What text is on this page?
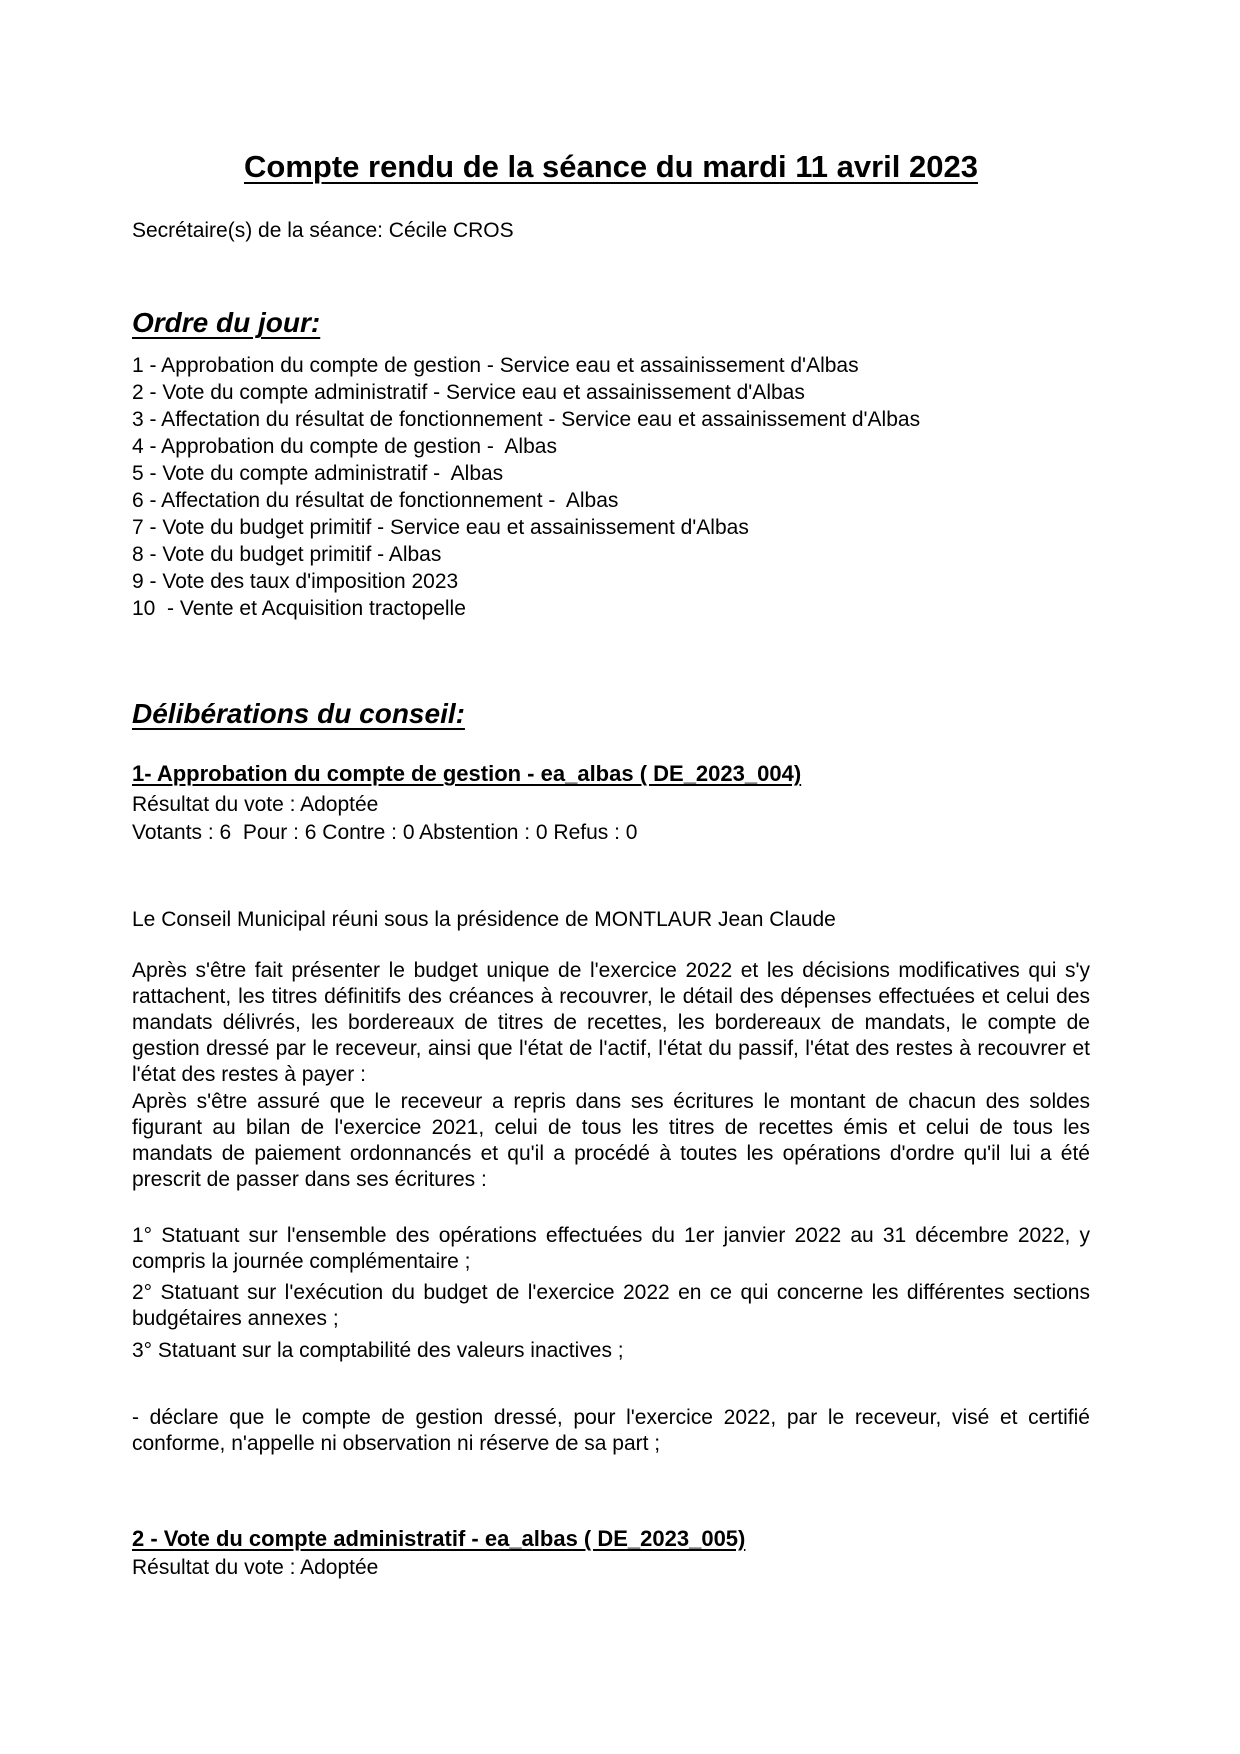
Compte rendu de la séance du mardi 11 avril 2023
Secrétaire(s) de la séance: Cécile CROS
Ordre du jour:
1 - Approbation du compte de gestion - Service eau et assainissement d'Albas
2 - Vote du compte administratif - Service eau et assainissement d'Albas
3 - Affectation du résultat de fonctionnement - Service eau et assainissement d'Albas
4 - Approbation du compte de gestion -  Albas
5 - Vote du compte administratif -  Albas
6 - Affectation du résultat de fonctionnement -  Albas
7 - Vote du budget primitif - Service eau et assainissement d'Albas
8 - Vote du budget primitif - Albas
9 - Vote des taux d'imposition 2023
10  - Vente et Acquisition tractopelle
Délibérations du conseil:
1- Approbation du compte de gestion - ea_albas ( DE_2023_004)
Résultat du vote : Adoptée
Votants : 6  Pour : 6 Contre : 0 Abstention : 0 Refus : 0
Le Conseil Municipal réuni sous la présidence de MONTLAUR Jean Claude
Après s'être fait présenter le budget unique de l'exercice 2022 et les décisions modificatives qui s'y rattachent, les titres définitifs des créances à recouvrer, le détail des dépenses effectuées et celui des mandats délivrés, les bordereaux de titres de recettes, les bordereaux de mandats, le compte de gestion dressé par le receveur, ainsi que l'état de l'actif, l'état du passif, l'état des restes à recouvrer et l'état des restes à payer :
Après s'être assuré que le receveur a repris dans ses écritures le montant de chacun des soldes figurant au bilan de l'exercice 2021, celui de tous les titres de recettes émis et celui de tous les mandats de paiement ordonnancés et qu'il a procédé à toutes les opérations d'ordre qu'il lui a été prescrit de passer dans ses écritures :
1° Statuant sur l'ensemble des opérations effectuées du 1er janvier 2022 au 31 décembre 2022, y compris la journée complémentaire ;
2° Statuant sur l'exécution du budget de l'exercice 2022 en ce qui concerne les différentes sections budgétaires annexes ;
3° Statuant sur la comptabilité des valeurs inactives ;
- déclare que le compte de gestion dressé, pour l'exercice 2022, par le receveur, visé et certifié conforme, n'appelle ni observation ni réserve de sa part ;
2 - Vote du compte administratif - ea_albas ( DE_2023_005)
Résultat du vote : Adoptée
